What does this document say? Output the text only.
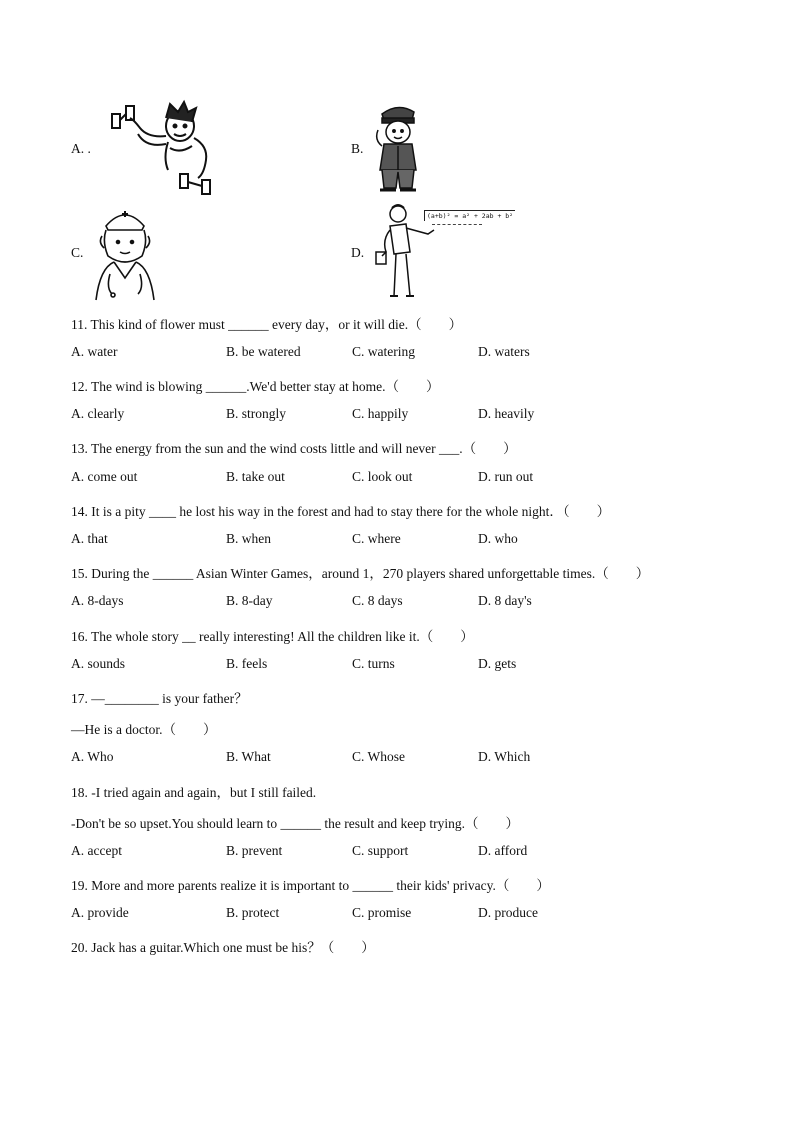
A. .	B.
C.	D.
(a+b)² = a² + 2ab + b²
11. This kind of flower must ______ every day，or it will die.（　　）
A. water	B. be watered	C. watering	D. waters
12. The wind is blowing ______.We'd better stay at home.（　　）
A. clearly	B. strongly	C. happily	D. heavily
13. The energy from the sun and the wind costs little and will never ___.（　　）
A. come out	B. take out	C. look out	D. run out
14. It is a pity ____ he lost his way in the forest and had to stay there for the whole night．（　　）
A. that	B. when	C. where	D. who
15. During the ______ Asian Winter Games，around 1，270 players shared unforgettable times.（　　）
A. 8-days	B. 8-day	C. 8 days	D. 8 day's
16. The whole story __ really interesting! All the children like it.（　　）
A. sounds	B. feels	C. turns	D. gets
17. —________ is your father？
—He is a doctor.（　　）
A. Who	B. What	C. Whose	D. Which
18. -I tried again and again，but I still failed.
-Don't be so upset.You should learn to ______ the result and keep trying.（　　）
A. accept	B. prevent	C. support	D. afford
19. More and more parents realize it is important to ______ their kids' privacy.（　　）
A. provide	B. protect	C. promise	D. produce
20. Jack has a guitar.Which one must be his？（　　）
